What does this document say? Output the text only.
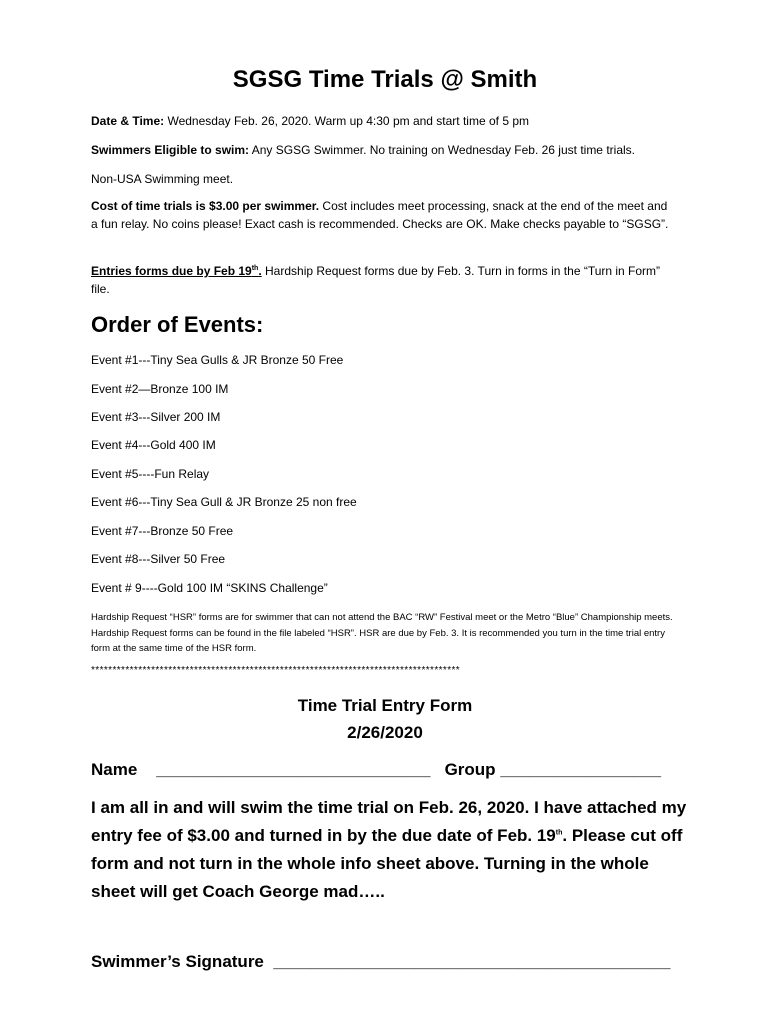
SGSG Time Trials @ Smith

Date & Time: Wednesday Feb. 26, 2020. Warm up 4:30 pm and start time of 5 pm

Swimmers Eligible to swim: Any SGSG Swimmer. No training on Wednesday Feb. 26 just time trials.

Non-USA Swimming meet.

Cost of time trials is $3.00 per swimmer. Cost includes meet processing, snack at the end of the meet and a fun relay. No coins please! Exact cash is recommended. Checks are OK. Make checks payable to “SGSG”.

Entries forms due by Feb 19th. Hardship Request forms due by Feb. 3. Turn in forms in the “Turn in Form” file.

Order of Events:

Event #1---Tiny Sea Gulls & JR Bronze 50 Free

Event #2—Bronze 100 IM

Event #3---Silver 200 IM

Event #4---Gold 400 IM

Event #5----Fun Relay

Event #6---Tiny Sea Gull & JR Bronze 25 non free

Event #7---Bronze 50 Free

Event #8---Silver 50 Free

Event # 9----Gold 100 IM “SKINS Challenge”

Hardship Request “HSR” forms are for swimmer that can not attend the BAC “RW” Festival meet or the Metro “Blue” Championship meets. Hardship Request forms can be found in the file labeled “HSR”. HSR are due by Feb. 3. It is recommended you turn in the time trial entry form at the same time of the HSR form.

**************************************************************************************

Time Trial Entry Form

2/26/2020

Name _____________________________ Group _________________

I am all in and will swim the time trial on Feb. 26, 2020. I have attached my entry fee of $3.00 and turned in by the due date of Feb. 19th. Please cut off form and not turn in the whole info sheet above. Turning in the whole sheet will get Coach George mad…..

Swimmer’s Signature __________________________________________
